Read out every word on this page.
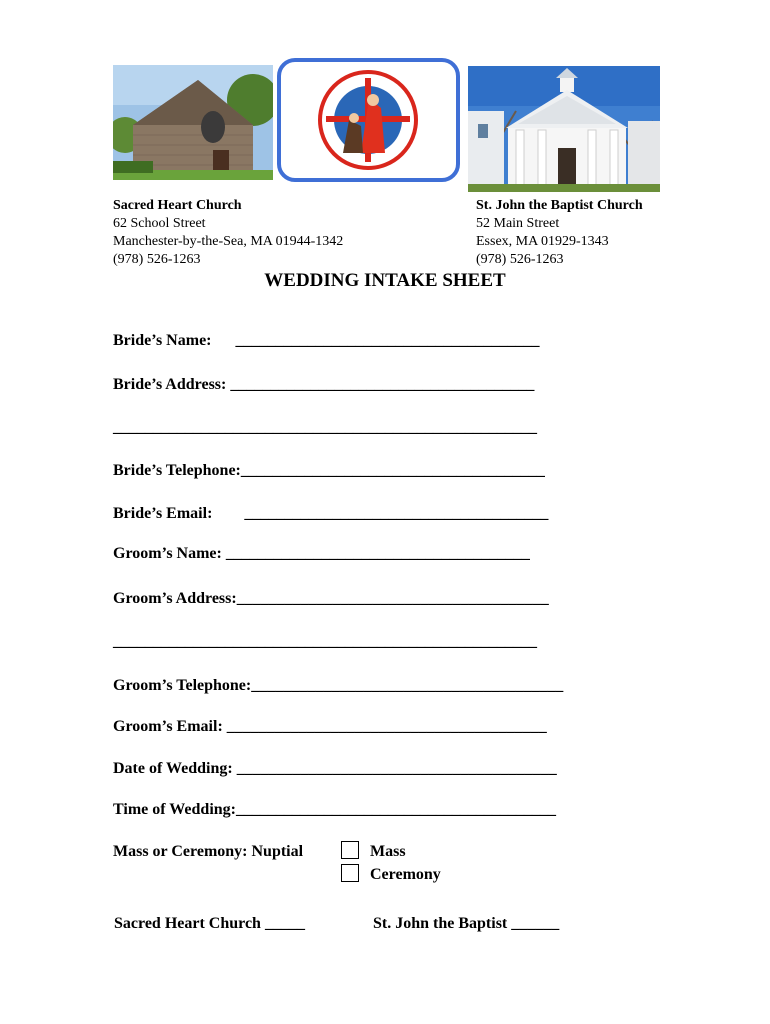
Sacred Heart Church
62 School Street
Manchester-by-the-Sea, MA 01944-1342
(978) 526-1263
St. John the Baptist Church
52 Main Street
Essex, MA 01929-1343
(978) 526-1263
WEDDING INTAKE SHEET
Bride’s Name:      ______________________________________
Bride’s Address: ______________________________________
_____________________________________________________
Bride’s Telephone:______________________________________
Bride’s Email:        ______________________________________
Groom’s Name: ______________________________________
Groom’s Address:_______________________________________
_____________________________________________________
Groom’s Telephone:_______________________________________
Groom’s Email: ________________________________________
Date of Wedding: ________________________________________
Time of Wedding:________________________________________
Mass or Ceremony: Nuptial	Mass
Ceremony
Sacred Heart Church _____	St. John the Baptist ______
